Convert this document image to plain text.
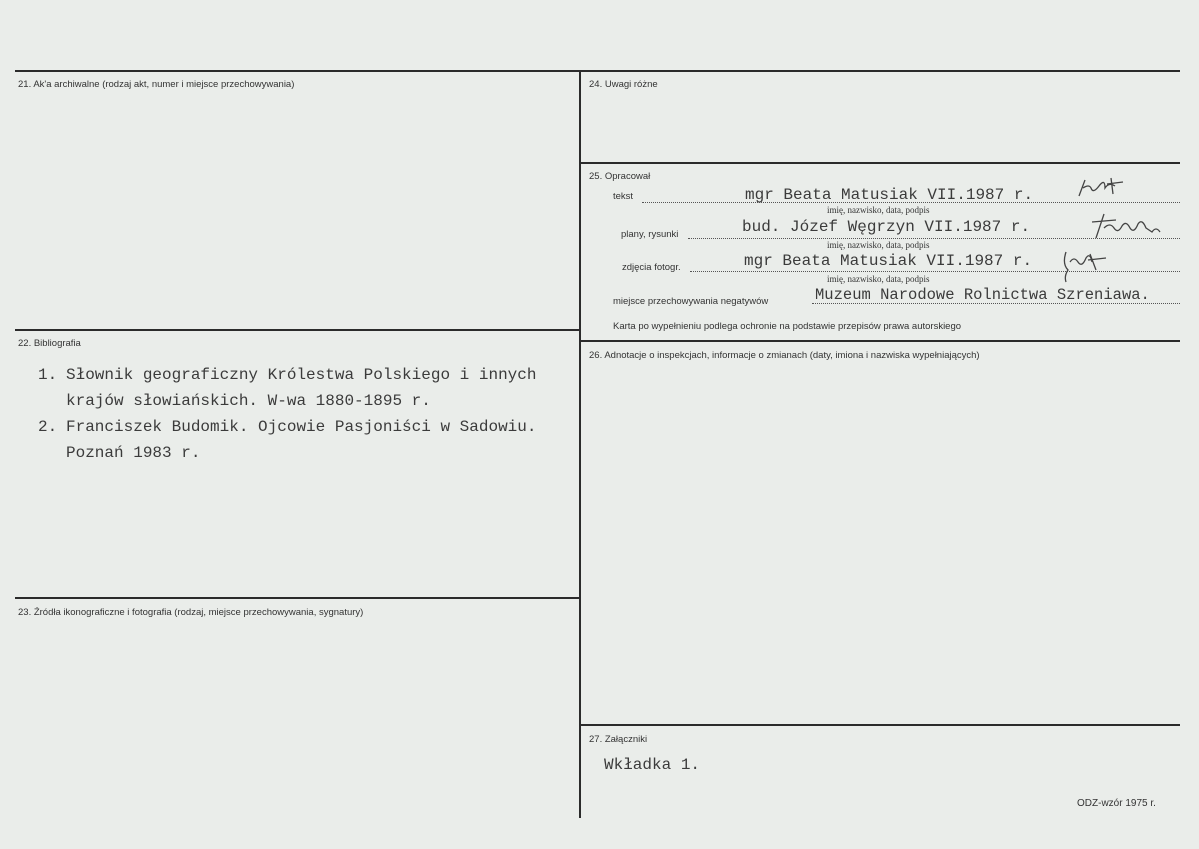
21. Ak'a archiwalne (rodzaj akt, numer i miejsce przechowywania)
22. Bibliografia
1. Słownik geograficzny Królestwa Polskiego i innych
krajów słowiańskich. W-wa 1880-1895 r.
2. Franciszek Budomik. Ojcowie Pasjoniści w Sadowiu.
Poznań 1983 r.
23. Źródła ikonograficzne i fotografia (rodzaj, miejsce przechowywania, sygnatury)
24. Uwagi różne
25. Opracował
tekst	mgr Beata Matusiak VII.1987 r.
imię, nazwisko, data, podpis
plany, rysunki	bud. Józef Węgrzyn VII.1987 r.
imię, nazwisko, data, podpis
zdjęcia fotogr.	mgr Beata Matusiak VII.1987 r.
imię, nazwisko, data, podpis
miejsce przechowywania negatywów	Muzeum Narodowe Rolnictwa Szreniawa.
Karta po wypełnieniu podlega ochronie na podstawie przepisów prawa autorskiego
26. Adnotacje o inspekcjach, informacje o zmianach (daty, imiona i nazwiska wypełniających)
27. Załączniki
Wkładka 1.
ODZ-wzór 1975 r.
